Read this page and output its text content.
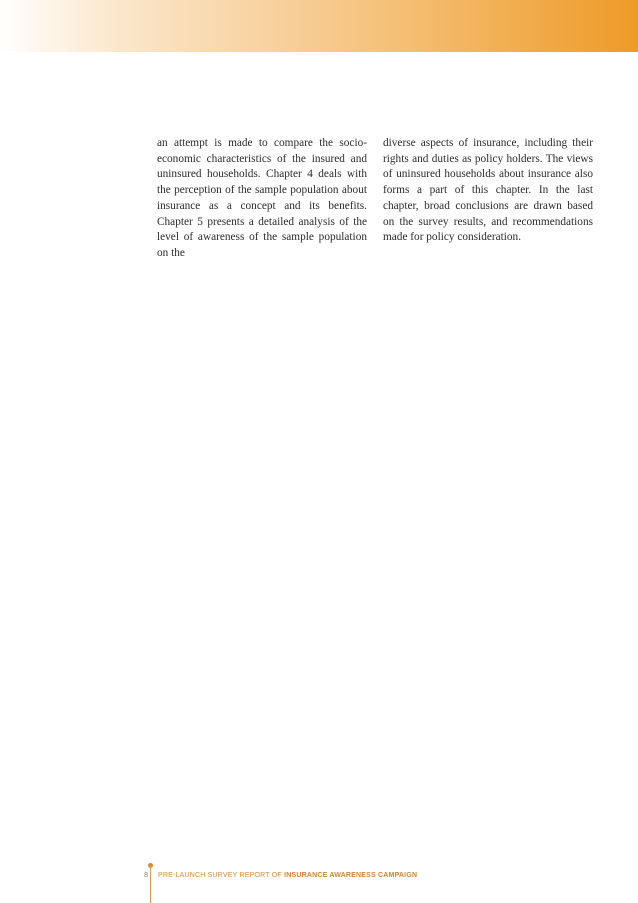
an attempt is made to compare the socio-economic characteristics of the insured and uninsured households. Chapter 4 deals with the perception of the sample population about insurance as a concept and its benefits. Chapter 5 presents a detailed analysis of the level of awareness of the sample population on the

diverse aspects of insurance, including their rights and duties as policy holders. The views of uninsured households about insurance also forms a part of this chapter. In the last chapter, broad conclusions are drawn based on the survey results, and recommendations made for policy consideration.

8 PRE-LAUNCH SURVEY REPORT OF INSURANCE AWARENESS CAMPAIGN
